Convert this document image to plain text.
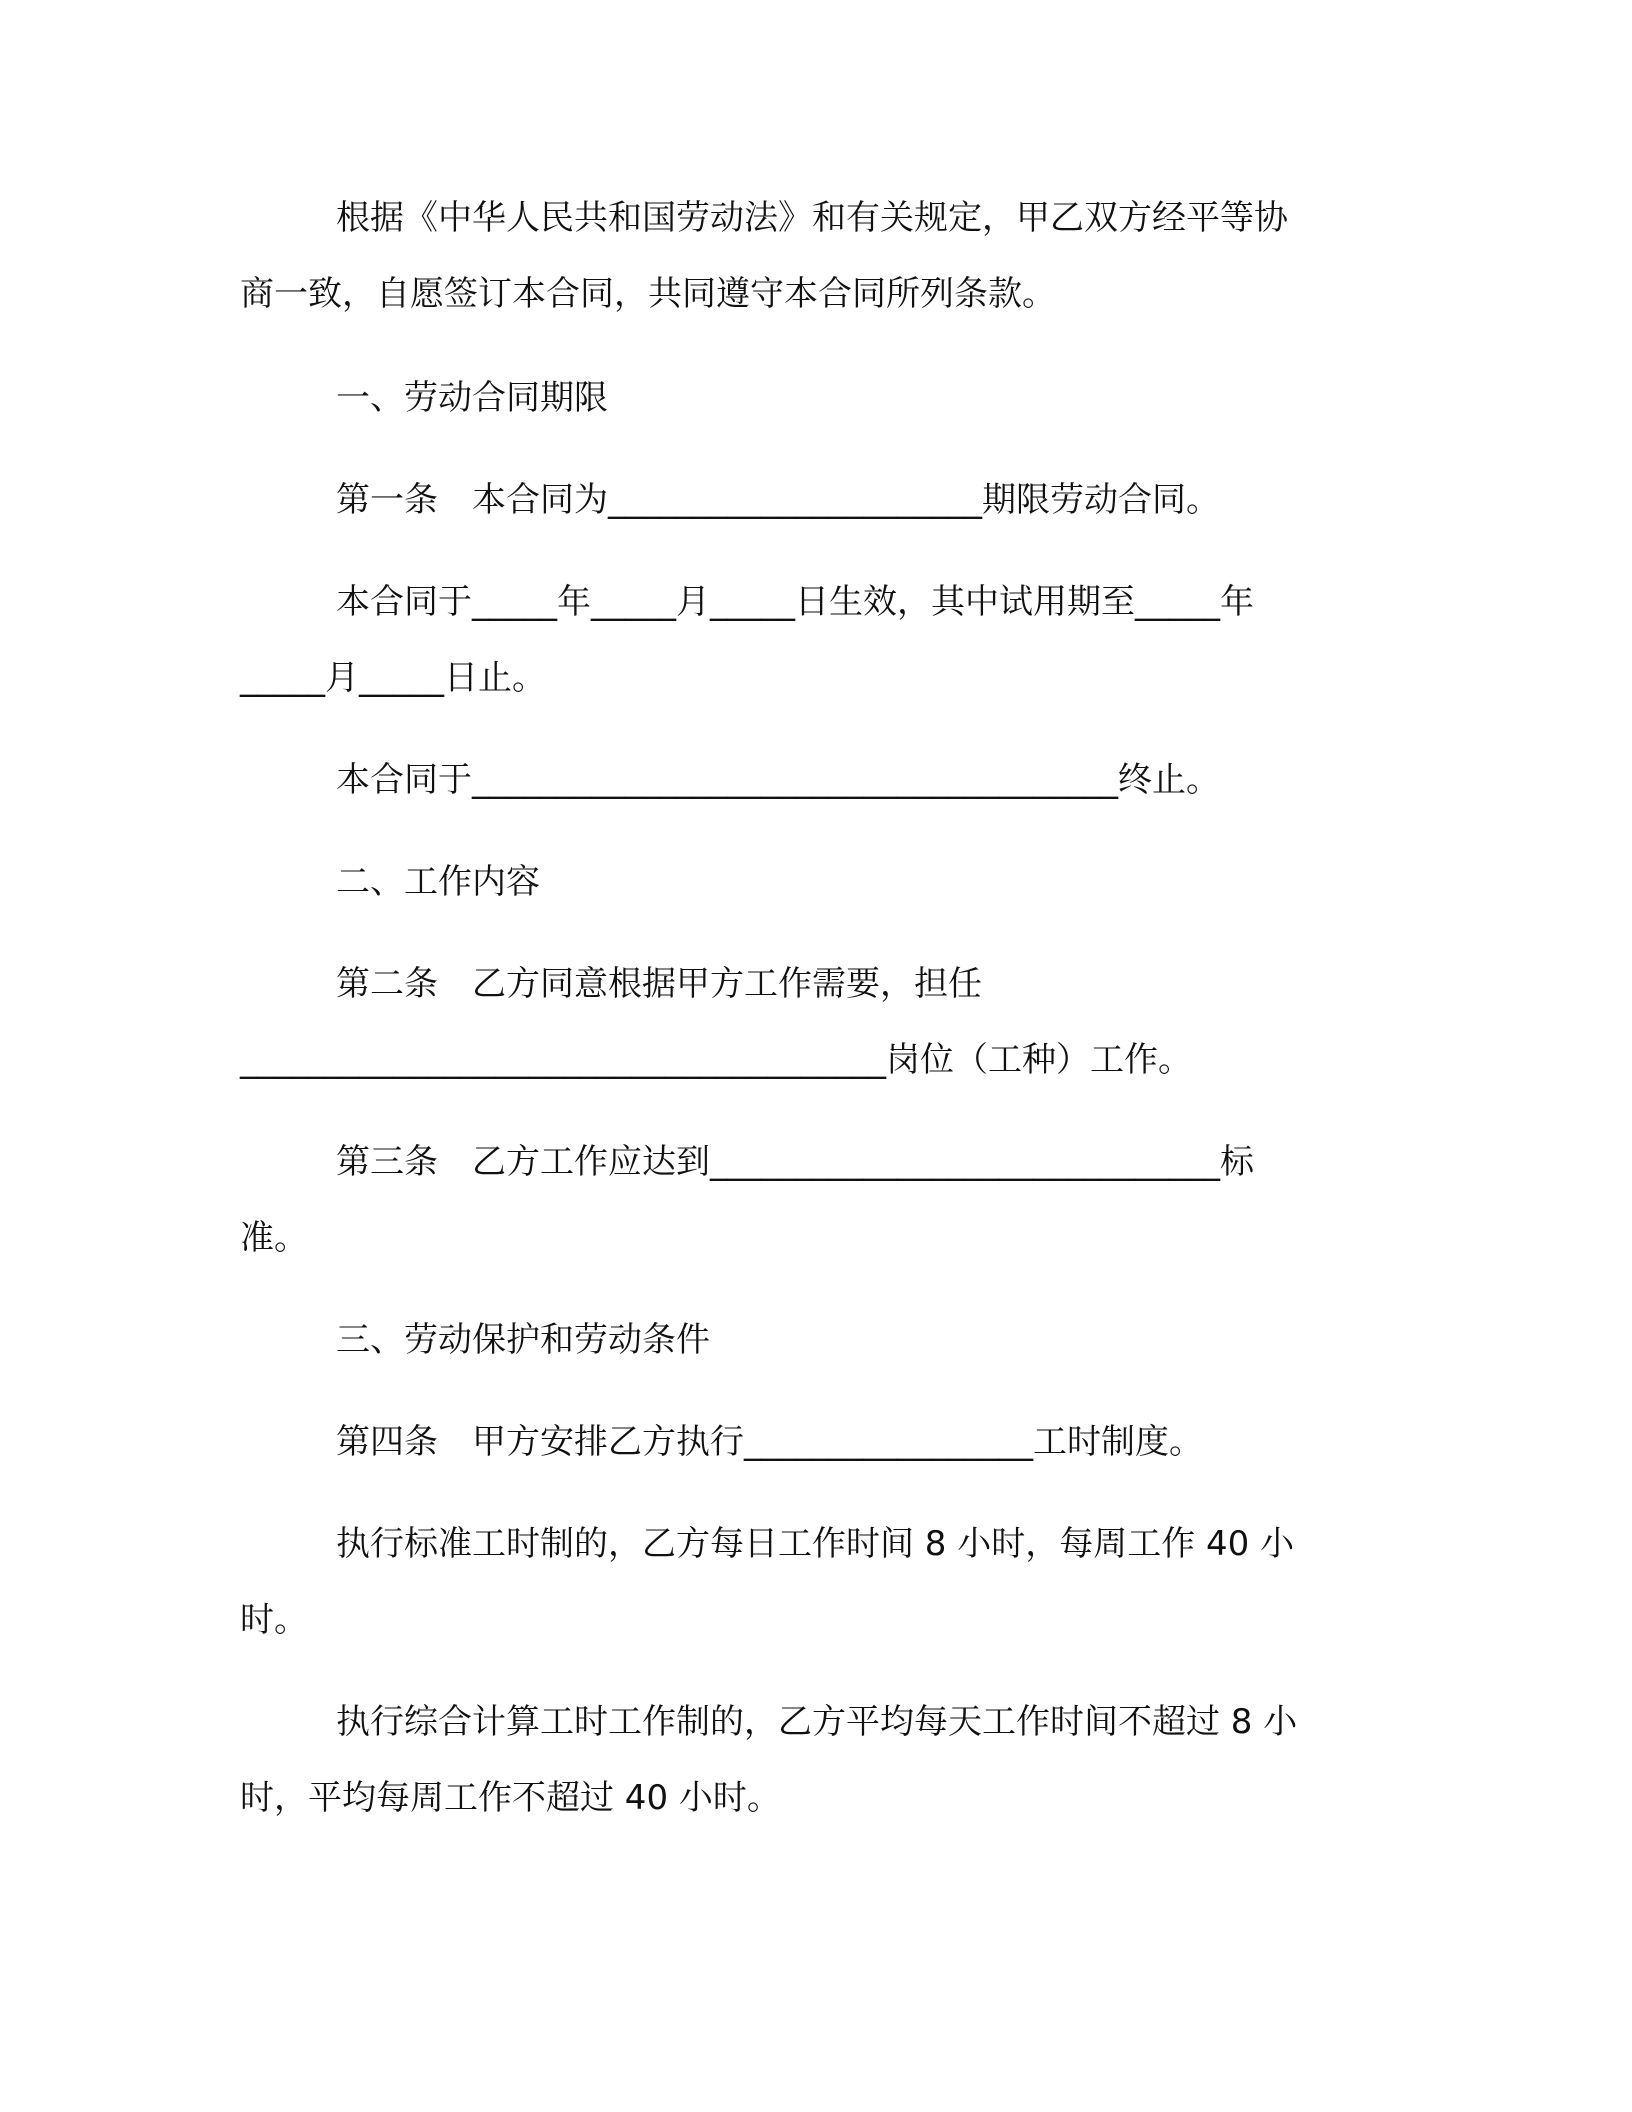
根据《中华人民共和国劳动法》和有关规定，甲乙双方经平等协
商一致，自愿签订本合同，共同遵守本合同所列条款。
一、劳动合同期限
第一条　本合同为______________________期限劳动合同。
本合同于_____年_____月_____日生效，其中试用期至_____年
_____月_____日止。
本合同于______________________________________终止。
二、工作内容
第二条　乙方同意根据甲方工作需要，担任
______________________________________岗位（工种）工作。
第三条　乙方工作应达到______________________________标
准。
三、劳动保护和劳动条件
第四条　甲方安排乙方执行_________________工时制度。
执行标准工时制的，乙方每日工作时间 8 小时，每周工作 40 小
时。
执行综合计算工时工作制的，乙方平均每天工作时间不超过 8 小
时，平均每周工作不超过 40 小时。
